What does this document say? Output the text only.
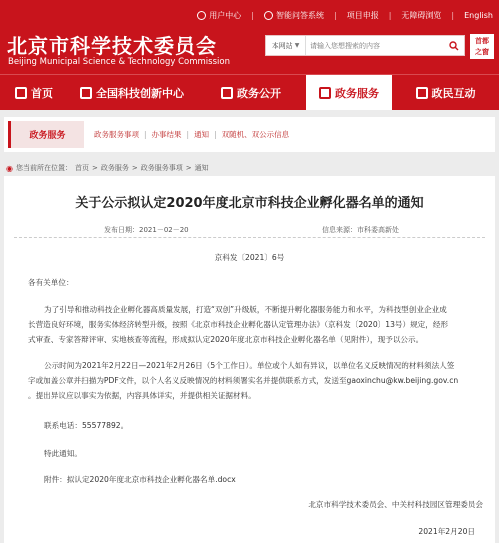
用户中心 |	智能问答系统 | 项目申报 | 无障碍浏览 | English
北京市科学技术委员会
Beijing Municipal Science & Technology Commission
本网站 ▼
请输入您想搜索的内容
首都
之窗
首页	全国科技创新中心	政务公开	政务服务	政民互动
政务服务	政务服务事项 | 办事结果 | 通知 | 双随机、双公示信息
◉ 您当前所在位置： 首页 > 政务服务 > 政务服务事项 > 通知
关于公示拟认定2020年度北京市科技企业孵化器名单的通知
发布日期：2021－02－20	信息来源：市科委高新处
京科发〔2021〕6号
各有关单位：
为了引导和推动科技企业孵化器高质量发展，打造“双创”升级版，不断提升孵化器服务能力和水平，为科技型创业企业成
长营造良好环境，服务实体经济转型升级，按照《北京市科技企业孵化器认定管理办法》（京科发〔2020〕13号）规定，经形
式审查、专家答辩评审、实地核查等流程，形成拟认定2020年度北京市科技企业孵化器名单（见附件），现予以公示。
公示时间为2021年2月22日—2021年2月26日（5个工作日）。单位或个人如有异议，以单位名义反映情况的材料须法人签
字或加盖公章并扫描为PDF文件，以个人名义反映情况的材料须署实名并提供联系方式，发送至gaoxinchu@kw.beijing.gov.cn
。提出异议应以事实为依据，内容具体详实，并提供相关证据材料。
联系电话：55577892。
特此通知。
附件：拟认定2020年度北京市科技企业孵化器名单.docx
北京市科学技术委员会、中关村科技园区管理委员会
2021年2月20日
